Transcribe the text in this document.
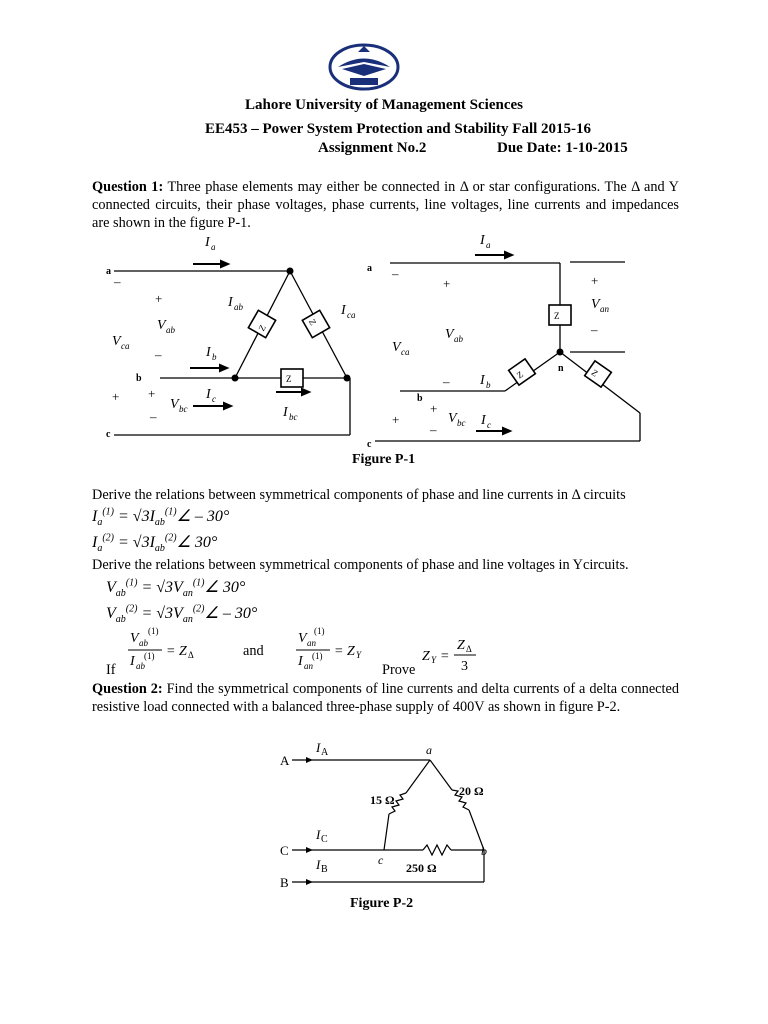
Lahore University of Management Sciences
EE453 – Power System Protection and Stability Fall 2015-16
Assignment No.2	Due Date: 1-10-2015
Question 1: Three phase elements may either be connected in Δ or star configurations. The Δ and Y connected circuits, their phase voltages, phase currents, line voltages, line currents and impedances are shown in the figure P-1.
Z
Z
Z
Z
Z	Z
I a
I ab	I ca
V ab
V ca	I b
I c
V bc	I bc
I a
V an
V ab
V ca
I b
V bc I c
+
–
+ +
–
–	+
–	+
–
–
+
+
–
a
b
c
a
b
c
n
Figure P-1
Derive the relations between symmetrical components of phase and line currents in Δ circuits
$I_a^{(1)}$ = $√3I_{ab}^{(1)}\angle - 30^\circ$
$I_a^{(2)}$ = $√3I_{ab}^{(2)}\angle$ 30°
Derive the relations between symmetrical components of phase and line voltages in Ycircuits.
$V_{ab}^{(1)}$ = $√3V_{an}^{(1)}\angle$ 30°
$V_{ab}^{(2)}$ = $√3V_{an}^{(2)}\angle - 30^\circ$
V ab
(1)
I ab
(1) = Z Δ
V an
(1)
I an
(1) = Z Y	Z Y =
Z Δ
3
If
and
Prove
Question 2: Find the symmetrical components of line currents and delta currents of a delta connected resistive load connected with a balanced three-phase supply of 400V as shown in figure P-2.
A
C
B
I A
I C
I B
a
c
b
15 Ω
20 Ω
250 Ω
Figure P-2
